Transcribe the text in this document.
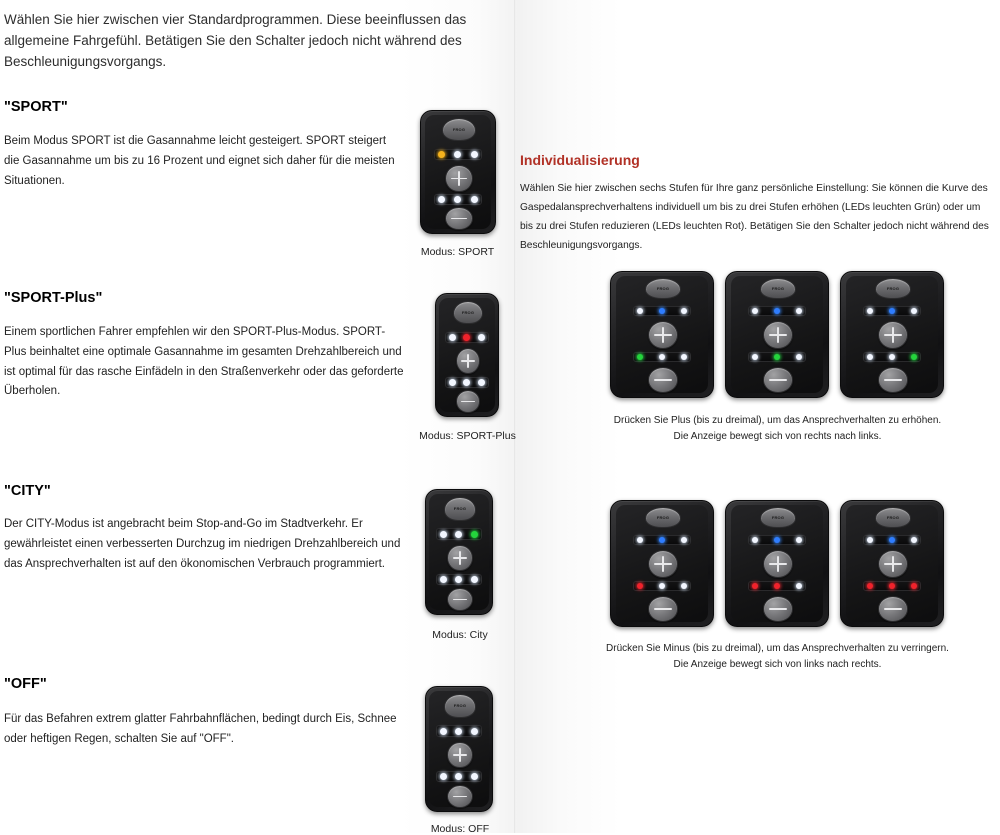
Wählen Sie hier zwischen vier Standardprogrammen. Diese beeinflussen das allgemeine Fahrgefühl. Betätigen Sie den Schalter jedoch nicht während des Beschleunigungsvorgangs.
"SPORT"
Beim Modus SPORT ist die Gasannahme leicht gesteigert. SPORT steigert die Gasannahme um bis zu 16 Prozent und eignet sich daher für die meisten Situationen.
FROG
Modus: SPORT
"SPORT-Plus"
Einem sportlichen Fahrer empfehlen wir den SPORT-Plus-Modus. SPORT-Plus beinhaltet eine optimale Gasannahme im gesamten Drehzahlbereich und ist optimal für das rasche Einfädeln in den Straßenverkehr oder das geforderte Überholen.
FROG
Modus: SPORT-Plus
"CITY"
Der CITY-Modus ist angebracht beim Stop-and-Go im Stadtverkehr. Er gewährleistet einen verbesserten Durchzug im niedrigen Drehzahlbereich und das Ansprechverhalten ist auf den ökonomischen Verbrauch programmiert.
FROG
Modus: City
"OFF"
Für das Befahren extrem glatter Fahrbahnflächen, bedingt durch Eis, Schnee oder heftigen Regen, schalten Sie auf "OFF".
FROG
Modus: OFF
Individualisierung
Wählen Sie hier zwischen sechs Stufen für Ihre ganz persönliche Einstellung: Sie können die Kurve des Gaspedalansprechverhaltens individuell um bis zu drei Stufen erhöhen (LEDs leuchten Grün) oder um bis zu drei Stufen reduzieren (LEDs leuchten Rot). Betätigen Sie den Schalter jedoch nicht während des Beschleunigungsvorgangs.
FROG	FROG	FROG
Drücken Sie Plus (bis zu dreimal), um das Ansprechverhalten zu erhöhen. Die Anzeige bewegt sich von rechts nach links.
FROG	FROG	FROG
Drücken Sie Minus (bis zu dreimal), um das Ansprechverhalten zu verringern. Die Anzeige bewegt sich von links nach rechts.
